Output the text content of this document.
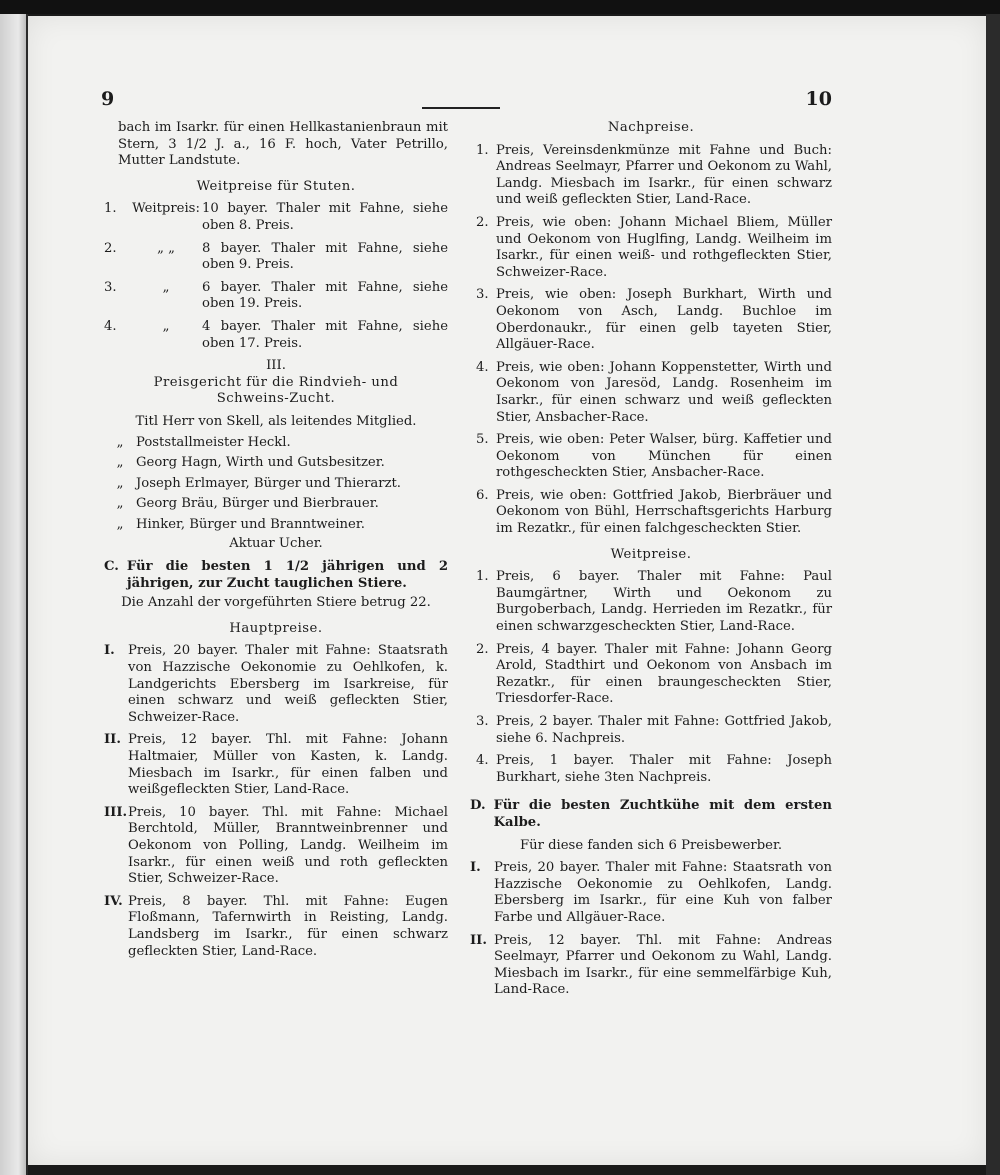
9	10

bach im Isarkr. für einen Hellkastanienbraun mit Stern, 3 1/2 J. a., 16 F. hoch, Vater Petrillo, Mutter Landstute.

Weitpreise für Stuten.

1.	Weitpreis: 10 bayer. Thaler mit Fahne, siehe oben 8. Preis.
2.	„ „	8 bayer. Thaler mit Fahne, siehe oben 9. Preis.
3.	„	6 bayer. Thaler mit Fahne, siehe oben 19. Preis.
4.	„	4 bayer. Thaler mit Fahne, siehe oben 17. Preis.

III.

Preisgericht für die Rindvieh- und Schweins-Zucht.

Titl Herr von Skell, als leitendes Mitglied.

„ Poststallmeister Heckl.
„ Georg Hagn, Wirth und Gutsbesitzer.
„ Joseph Erlmayer, Bürger und Thierarzt.
„ Georg Bräu, Bürger und Bierbrauer.
„ Hinker, Bürger und Branntweiner.

Aktuar Ucher.

C. Für die besten 1 1/2 jährigen und 2 jährigen, zur Zucht tauglichen Stiere.

Die Anzahl der vorgeführten Stiere betrug 22.

Hauptpreise.

I.	Preis, 20 bayer. Thaler mit Fahne: Staatsrath von Hazzische Oekonomie zu Oehlkofen, k. Landgerichts Ebersberg im Isarkreise, für einen schwarz und weiß gefleckten Stier, Schweizer-Race.
II. Preis, 12 bayer. Thl. mit Fahne: Johann Haltmaier, Müller von Kasten, k. Landg. Miesbach im Isarkr., für einen falben und weißgefleckten Stier, Land-Race.
III. Preis, 10 bayer. Thl. mit Fahne: Michael Berchtold, Müller, Branntweinbrenner und Oekonom von Polling, Landg. Weilheim im Isarkr., für einen weiß und roth gefleckten Stier, Schweizer-Race.
IV. Preis, 8 bayer. Thl. mit Fahne: Eugen Floßmann, Tafernwirth in Reisting, Landg. Landsberg im Isarkr., für einen schwarz gefleckten Stier, Land-Race.

Nachpreise.

1. Preis, Vereinsdenkmünze mit Fahne und Buch: Andreas Seelmayr, Pfarrer und Oekonom zu Wahl, Landg. Miesbach im Isarkr., für einen schwarz und weiß gefleckten Stier, Land-Race.
2. Preis, wie oben: Johann Michael Bliem, Müller und Oekonom von Huglfing, Landg. Weilheim im Isarkr., für einen weiß- und rothgefleckten Stier, Schweizer-Race.
3. Preis, wie oben: Joseph Burkhart, Wirth und Oekonom von Asch, Landg. Buchloe im Oberdonaukr., für einen gelb tayeten Stier, Allgäuer-Race.
4. Preis, wie oben: Johann Koppenstetter, Wirth und Oekonom von Jaresöd, Landg. Rosenheim im Isarkr., für einen schwarz und weiß gefleckten Stier, Ansbacher-Race.
5. Preis, wie oben: Peter Walser, bürg. Kaffetier und Oekonom von München für einen rothgescheckten Stier, Ansbacher-Race.
6. Preis, wie oben: Gottfried Jakob, Bierbräuer und Oekonom von Bühl, Herrschaftsgerichts Harburg im Rezatkr., für einen falchgescheckten Stier.

Weitpreise.

1. Preis, 6 bayer. Thaler mit Fahne: Paul Baumgärtner, Wirth und Oekonom zu Burgoberbach, Landg. Herrieden im Rezatkr., für einen schwarzgescheckten Stier, Land-Race.
2. Preis, 4 bayer. Thaler mit Fahne: Johann Georg Arold, Stadthirt und Oekonom von Ansbach im Rezatkr., für einen braungescheckten Stier, Triesdorfer-Race.
3. Preis, 2 bayer. Thaler mit Fahne: Gottfried Jakob, siehe 6. Nachpreis.
4. Preis, 1 bayer. Thaler mit Fahne: Joseph Burkhart, siehe 3ten Nachpreis.
D. Für die besten Zuchtkühe mit dem ersten Kalbe.

Für diese fanden sich 6 Preisbewerber.

I.	Preis, 20 bayer. Thaler mit Fahne: Staatsrath von Hazzische Oekonomie zu Oehlkofen, Landg. Ebersberg im Isarkr., für eine Kuh von falber Farbe und Allgäuer-Race.
II. Preis, 12 bayer. Thl. mit Fahne: Andreas Seelmayr, Pfarrer und Oekonom zu Wahl, Landg. Miesbach im Isarkr., für eine semmelfärbige Kuh, Land-Race.
